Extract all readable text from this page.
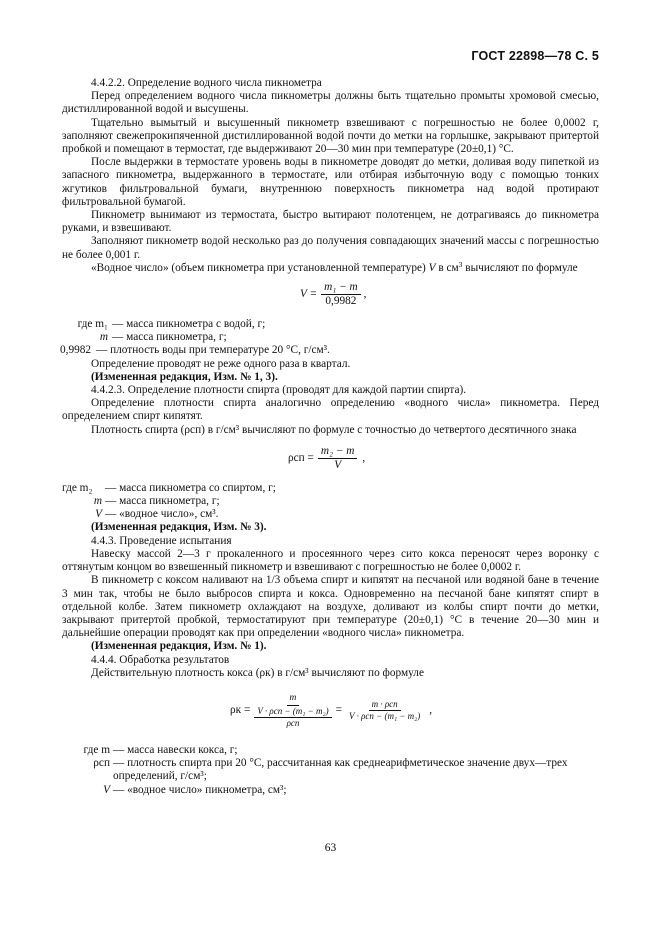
ГОСТ 22898—78 С. 5

4.4.2.2. Определение водного числа пикнометра

Перед определением водного числа пикнометры должны быть тщательно промыты хромовой смесью, дистиллированной водой и высушены.

Тщательно вымытый и высушенный пикнометр взвешивают с погрешностью не более 0,0002 г, заполняют свежепрокипяченной дистиллированной водой почти до метки на горлышке, закрывают притертой пробкой и помещают в термостат, где выдерживают 20—30 мин при температуре (20±0,1) °С.

После выдержки в термостате уровень воды в пикнометре доводят до метки, доливая воду пипеткой из запасного пикнометра, выдержанного в термостате, или отбирая избыточную воду с помощью тонких жгутиков фильтровальной бумаги, внутреннюю поверхность пикнометра над водой протирают фильтровальной бумагой.

Пикнометр вынимают из термостата, быстро вытирают полотенцем, не дотрагиваясь до пикнометра руками, и взвешивают.

Заполняют пикнометр водой несколько раз до получения совпадающих значений массы с погрешностью не более 0,001 г.

«Водное число» (объем пикнометра при установленной температуре) V в $см^3$ вычисляют по формуле

$V = \frac{\text{m₁ − m}}{0,9982}$ ,
где m₁ — масса пикнометра с водой, г;
m — масса пикнометра, г;
0,9982 — плотность воды при температуре 20 °С, г/см³.

Определение проводят не реже одного раза в квартал.

(Измененная редакция, Изм. № 1, 3).

4.4.2.3. Определение плотности спирта (проводят для каждой партии спирта).

Определение плотности спирта аналогично определению «водного числа» пикнометра. Перед определением спирт кипятят.

Плотность спирта (ρсп) в г/см³ вычисляют по формуле с точностью до четвертого десятичного знака

$\rho сп = \frac{\text{m₂ − m}}{V}$ ,
где m₂	— масса пикнометра со спиртом, г;
m — масса пикнометра, г;
V — «водное число», см³.

(Измененная редакция, Изм. № 3).

4.4.3. Проведение испытания

Навеску массой 2—3 г прокаленного и просеянного через сито кокса переносят через воронку с оттянутым концом во взвешенный пикнометр и взвешивают с погрешностью не более 0,0002 г.

В пикнометр с коксом наливают на 1/3 объема спирт и кипятят на песчаной или водяной бане в течение 3 мин так, чтобы не было выбросов спирта и кокса. Одновременно на песчаной бане кипятят спирт в отдельной колбе. Затем пикнометр охлаждают на воздухе, доливают из колбы спирт почти до метки, закрывают притертой пробкой, термостатируют при температуре (20±0,1) °С в течение 20—30 мин и дальнейшие операции проводят как при определении «водного числа» пикнометра.

(Измененная редакция, Изм. № 1).

4.4.4. Обработка результатов

Действительную плотность кокса (ρк) в г/см³ вычисляют по формуле

$\rho к = \frac{m}{\frac{\text{V · ρсп − (m₁ − m₂)}}{\text{ρсп}}} = \frac{\text{m · ρсп}}{\text{V · ρсп − (m₁ − m₂)}}$ ,
где m — масса навески кокса, г;
ρсп — плотность спирта при 20 °С, рассчитанная как среднеарифметическое значение двух—трех определений, г/см³;
V — «водное число» пикнометра, см³;
63
